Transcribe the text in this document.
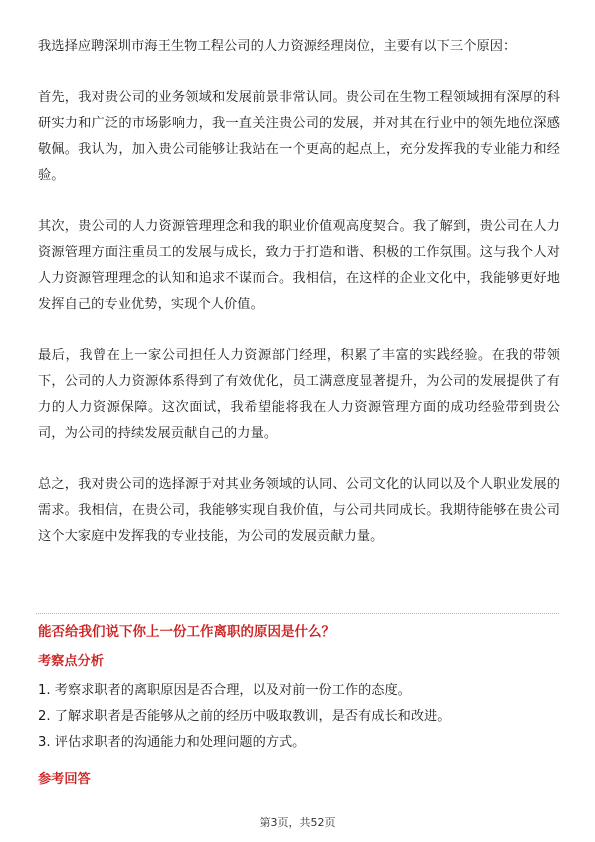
我选择应聘深圳市海王生物工程公司的人力资源经理岗位，主要有以下三个原因：

首先，我对贵公司的业务领域和发展前景非常认同。贵公司在生物工程领域拥有深厚的科研实力和广泛的市场影响力，我一直关注贵公司的发展，并对其在行业中的领先地位深感敬佩。我认为，加入贵公司能够让我站在一个更高的起点上，充分发挥我的专业能力和经验。

其次，贵公司的人力资源管理理念和我的职业价值观高度契合。我了解到，贵公司在人力资源管理方面注重员工的发展与成长，致力于打造和谐、积极的工作氛围。这与我个人对人力资源管理理念的认知和追求不谋而合。我相信，在这样的企业文化中，我能够更好地发挥自己的专业优势，实现个人价值。

最后，我曾在上一家公司担任人力资源部门经理，积累了丰富的实践经验。在我的带领下，公司的人力资源体系得到了有效优化，员工满意度显著提升，为公司的发展提供了有力的人力资源保障。这次面试，我希望能将我在人力资源管理方面的成功经验带到贵公司，为公司的持续发展贡献自己的力量。

总之，我对贵公司的选择源于对其业务领域的认同、公司文化的认同以及个人职业发展的需求。我相信，在贵公司，我能够实现自我价值，与公司共同成长。我期待能够在贵公司这个大家庭中发挥我的专业技能，为公司的发展贡献力量。

能否给我们说下你上一份工作离职的原因是什么？

考察点分析

1. 考察求职者的离职原因是否合理，以及对前一份工作的态度。
2. 了解求职者是否能够从之前的经历中吸取教训，是否有成长和改进。
3. 评估求职者的沟通能力和处理问题的方式。

参考回答

第3页，共52页
